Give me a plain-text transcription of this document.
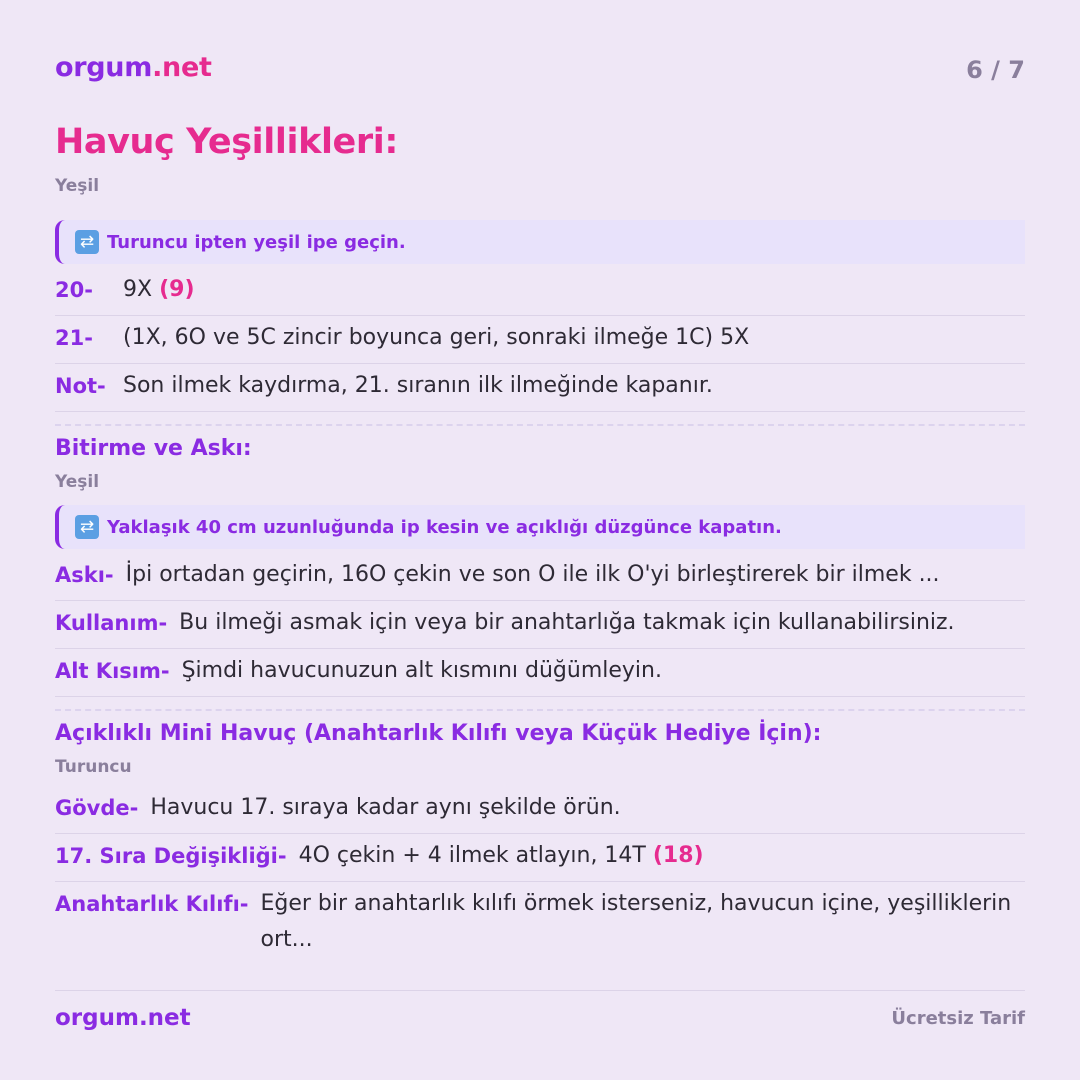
orgum.net	6 / 7
Havuç Yeşillikleri:
Yeşil
⇄ Turuncu ipten yeşil ipe geçin.
20-	9X (9)
21-	(1X, 6O ve 5C zincir boyunca geri, sonraki ilmeğe 1C) 5X
Not- Son ilmek kaydırma, 21. sıranın ilk ilmeğinde kapanır.
Bitirme ve Askı:
Yeşil
⇄ Yaklaşık 40 cm uzunluğunda ip kesin ve açıklığı düzgünce kapatın.
Askı- İpi ortadan geçirin, 16O çekin ve son O ile ilk O'yi birleştirerek bir ilmek ...
Kullanım- Bu ilmeği asmak için veya bir anahtarlığa takmak için kullanabilirsiniz.
Alt Kısım- Şimdi havucunuzun alt kısmını düğümleyin.
Açıklıklı Mini Havuç (Anahtarlık Kılıfı veya Küçük Hediye İçin):
Turuncu
Gövde- Havucu 17. sıraya kadar aynı şekilde örün.
17. Sıra Değişikliği- 4O çekin + 4 ilmek atlayın, 14T (18)
Anahtarlık Kılıfı- Eğer bir anahtarlık kılıfı örmek isterseniz, havucun içine, yeşilliklerin ort...
orgum.net	Ücretsiz Tarif
